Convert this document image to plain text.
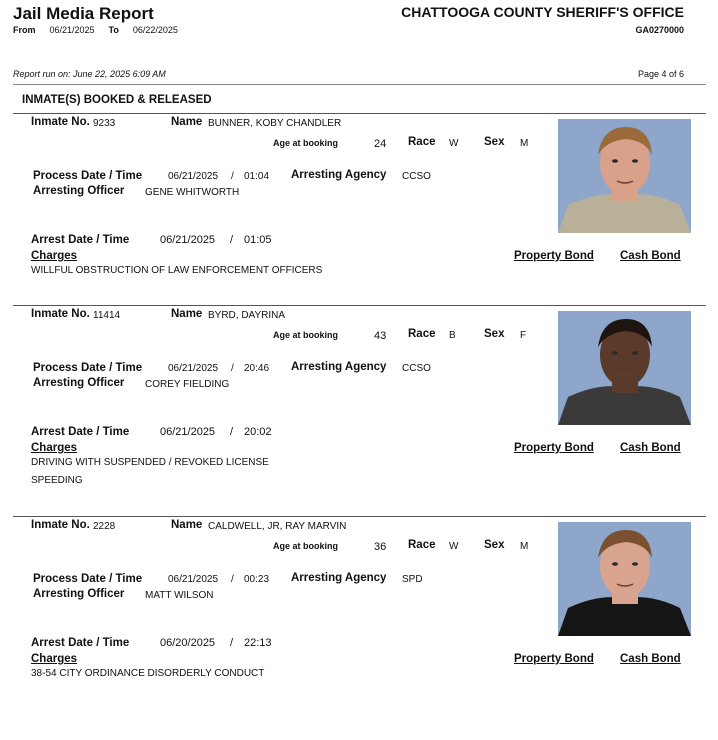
Jail Media Report
From 06/21/2025 To 06/22/2025
CHATTOOGA COUNTY SHERIFF'S OFFICE
GA0270000
Report run on: June 22, 2025 6:09 AM	Page 4 of 6
INMATE(S) BOOKED & RELEASED
Inmate No. 9233	Name BUNNER, KOBY CHANDLER
Age at booking	24 Race W Sex M
Process Date / Time	06/21/2025 / 01:04 Arresting Agency CCSO
Arresting Officer GENE WHITWORTH
Arrest Date / Time	06/21/2025 / 01:05
Charges	Property Bond Cash Bond
WILLFUL OBSTRUCTION OF LAW ENFORCEMENT OFFICERS
Inmate No. 11414	Name BYRD, DAYRINA
Age at booking	43 Race B Sex F
Process Date / Time	06/21/2025 / 20:46 Arresting Agency CCSO
Arresting Officer COREY FIELDING
Arrest Date / Time	06/21/2025 / 20:02
Charges	Property Bond Cash Bond
DRIVING WITH SUSPENDED / REVOKED LICENSE
SPEEDING
Inmate No. 2228	Name CALDWELL, JR, RAY MARVIN
Age at booking	36 Race W Sex M
Process Date / Time	06/21/2025 / 00:23 Arresting Agency SPD
Arresting Officer MATT WILSON
Arrest Date / Time	06/20/2025 / 22:13
Charges	Property Bond Cash Bond
38-54 CITY ORDINANCE DISORDERLY CONDUCT
